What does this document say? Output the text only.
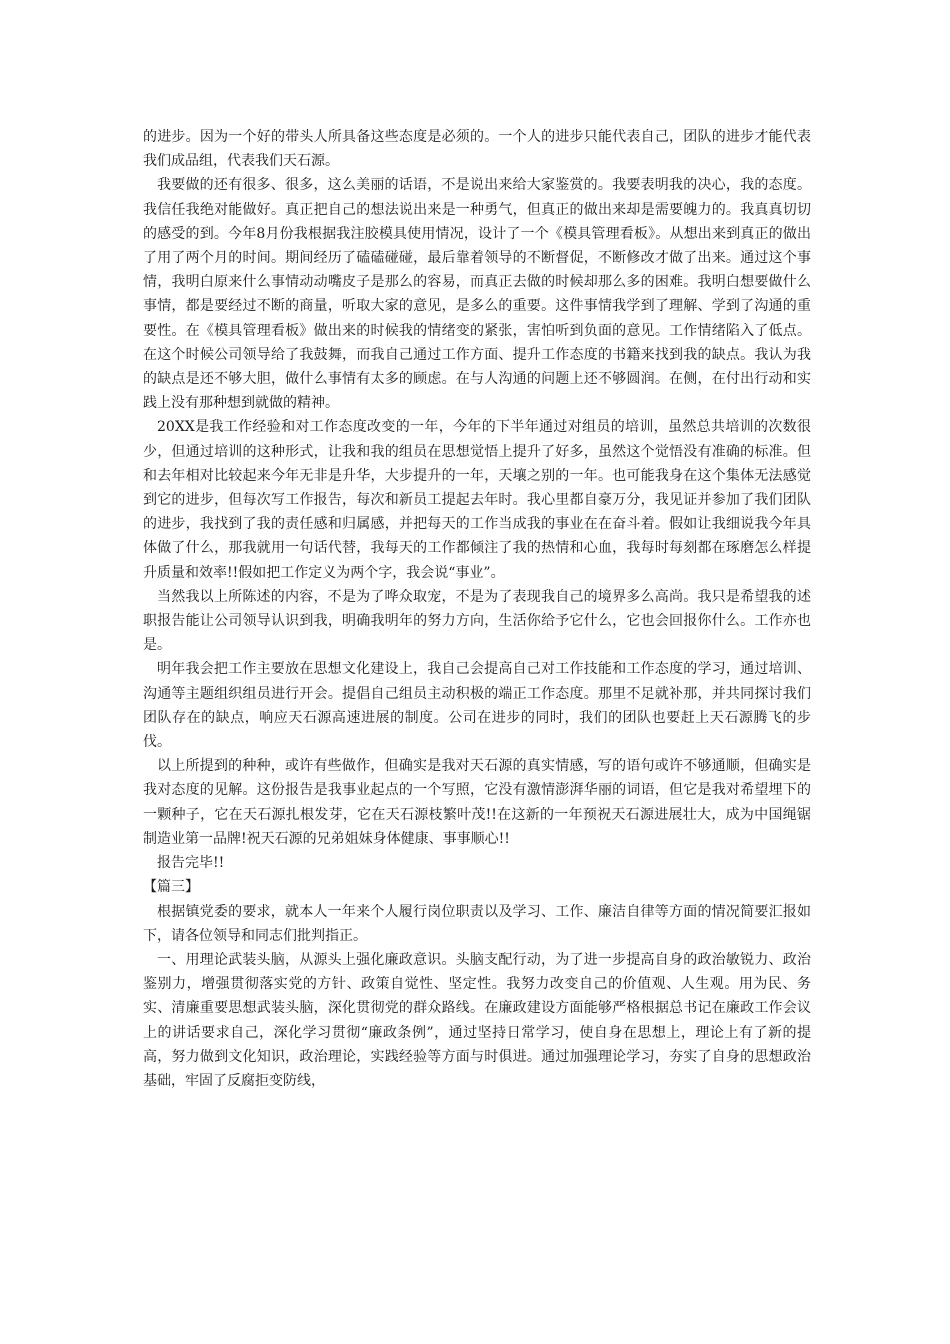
的进步。因为一个好的带头人所具备这些态度是必须的。一个人的进步只能代表自己，团队的进步才能代表我们成品组，代表我们天石源。

我要做的还有很多、很多，这么美丽的话语，不是说出来给大家鉴赏的。我要表明我的决心，我的态度。我信任我绝对能做好。真正把自己的想法说出来是一种勇气，但真正的做出来却是需要魄力的。我真真切切的感受的到。今年8月份我根据我注胶模具使用情况，设计了一个《模具管理看板》。从想出来到真正的做出了用了两个月的时间。期间经历了磕磕碰碰，最后靠着领导的不断督促，不断修改才做了出来。通过这个事情，我明白原来什么事情动动嘴皮子是那么的容易，而真正去做的时候却那么多的困难。我明白想要做什么事情，都是要经过不断的商量，听取大家的意见，是多么的重要。这件事情我学到了理解、学到了沟通的重要性。在《模具管理看板》做出来的时候我的情绪变的紧张，害怕听到负面的意见。工作情绪陷入了低点。在这个时候公司领导给了我鼓舞，而我自己通过工作方面、提升工作态度的书籍来找到我的缺点。我认为我的缺点是还不够大胆，做什么事情有太多的顾虑。在与人沟通的问题上还不够圆润。在侧，在付出行动和实践上没有那种想到就做的精神。

20XX是我工作经验和对工作态度改变的一年，今年的下半年通过对组员的培训，虽然总共培训的次数很少，但通过培训的这种形式，让我和我的组员在思想觉悟上提升了好多，虽然这个觉悟没有准确的标准。但和去年相对比较起来今年无非是升华，大步提升的一年，天壤之别的一年。也可能我身在这个集体无法感觉到它的进步，但每次写工作报告，每次和新员工提起去年时。我心里都自豪万分，我见证并参加了我们团队的进步，我找到了我的责任感和归属感，并把每天的工作当成我的事业在在奋斗着。假如让我细说我今年具体做了什么，那我就用一句话代替，我每天的工作都倾注了我的热情和心血，我每时每刻都在琢磨怎么样提升质量和效率!!假如把工作定义为两个字，我会说“事业”。

当然我以上所陈述的内容，不是为了哗众取宠，不是为了表现我自己的境界多么高尚。我只是希望我的述职报告能让公司领导认识到我，明确我明年的努力方向，生活你给予它什么，它也会回报你什么。工作亦也是。

明年我会把工作主要放在思想文化建设上，我自己会提高自己对工作技能和工作态度的学习，通过培训、沟通等主题组织组员进行开会。提倡自己组员主动积极的端正工作态度。那里不足就补那，并共同探讨我们团队存在的缺点，响应天石源高速进展的制度。公司在进步的同时，我们的团队也要赶上天石源腾飞的步伐。

以上所提到的种种，或许有些做作，但确实是我对天石源的真实情感，写的语句或许不够通顺，但确实是我对态度的见解。这份报告是我事业起点的一个写照，它没有激情澎湃华丽的词语，但它是我对希望埋下的一颗种子，它在天石源扎根发芽，它在天石源枝繁叶茂!!在这新的一年预祝天石源进展壮大，成为中国绳锯制造业第一品牌!祝天石源的兄弟姐妹身体健康、事事顺心!!

报告完毕!!

【篇三】

根据镇党委的要求，就本人一年来个人履行岗位职责以及学习、工作、廉洁自律等方面的情况简要汇报如下，请各位领导和同志们批判指正。

一、用理论武装头脑，从源头上强化廉政意识。头脑支配行动，为了进一步提高自身的政治敏锐力、政治鉴别力，增强贯彻落实党的方针、政策自觉性、坚定性。我努力改变自己的价值观、人生观。用为民、务实、清廉重要思想武装头脑，深化贯彻党的群众路线。在廉政建设方面能够严格根据总书记在廉政工作会议上的讲话要求自己，深化学习贯彻“廉政条例”，通过坚持日常学习，使自身在思想上，理论上有了新的提高，努力做到文化知识，政治理论，实践经验等方面与时俱进。通过加强理论学习，夯实了自身的思想政治基础，牢固了反腐拒变防线，
